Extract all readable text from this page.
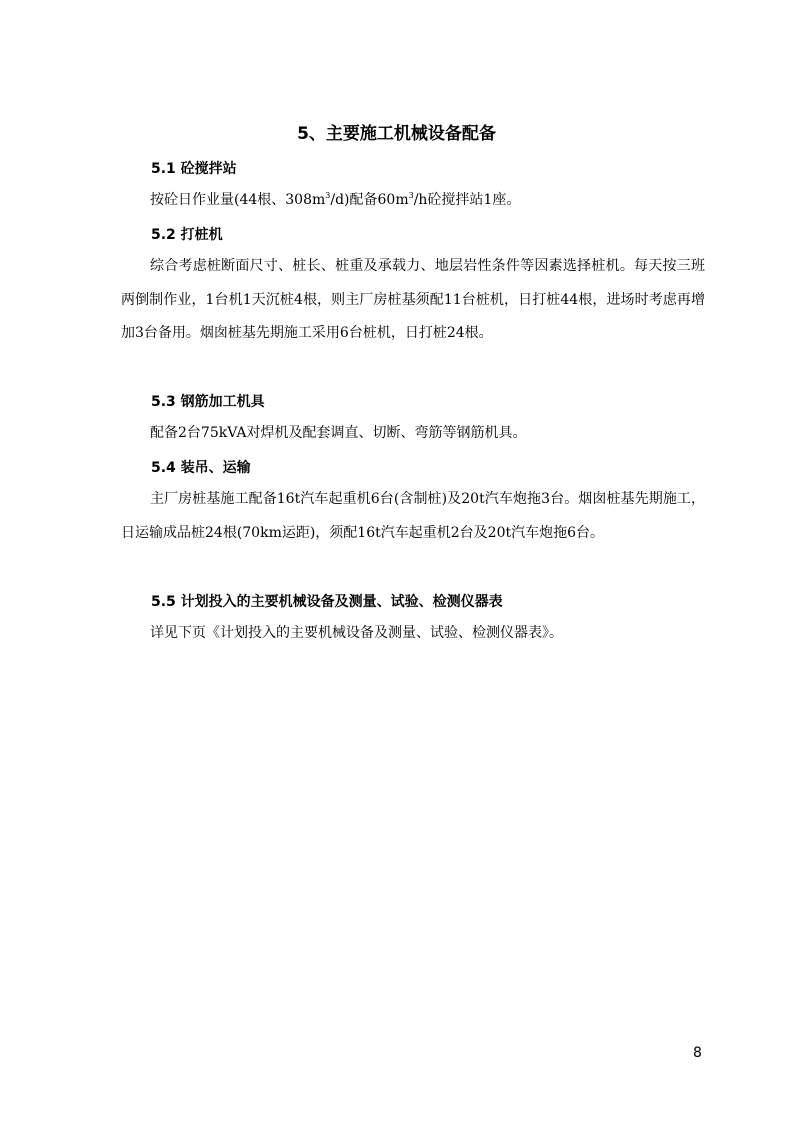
5、主要施工机械设备配备
5.1 砼搅拌站

按砼日作业量(44根、$308m^3/d$)配备$60m^3/h$砼搅拌站1座。

5.2 打桩机

综合考虑桩断面尺寸、桩长、桩重及承载力、地层岩性条件等因素选择桩机。每天按三班两倒制作业，1台机1天沉桩4根，则主厂房桩基须配11台桩机，日打桩44根，进场时考虑再增加3台备用。烟囱桩基先期施工采用6台桩机，日打桩24根。

5.3 钢筋加工机具

配备2台75kVA对焊机及配套调直、切断、弯筋等钢筋机具。

5.4 装吊、运输

主厂房桩基施工配备16t汽车起重机6台(含制桩)及20t汽车炮拖3台。烟囱桩基先期施工，日运输成品桩24根(70km运距)，须配16t汽车起重机2台及20t汽车炮拖6台。

5.5 计划投入的主要机械设备及测量、试验、检测仪器表

详见下页《计划投入的主要机械设备及测量、试验、检测仪器表》。

8
